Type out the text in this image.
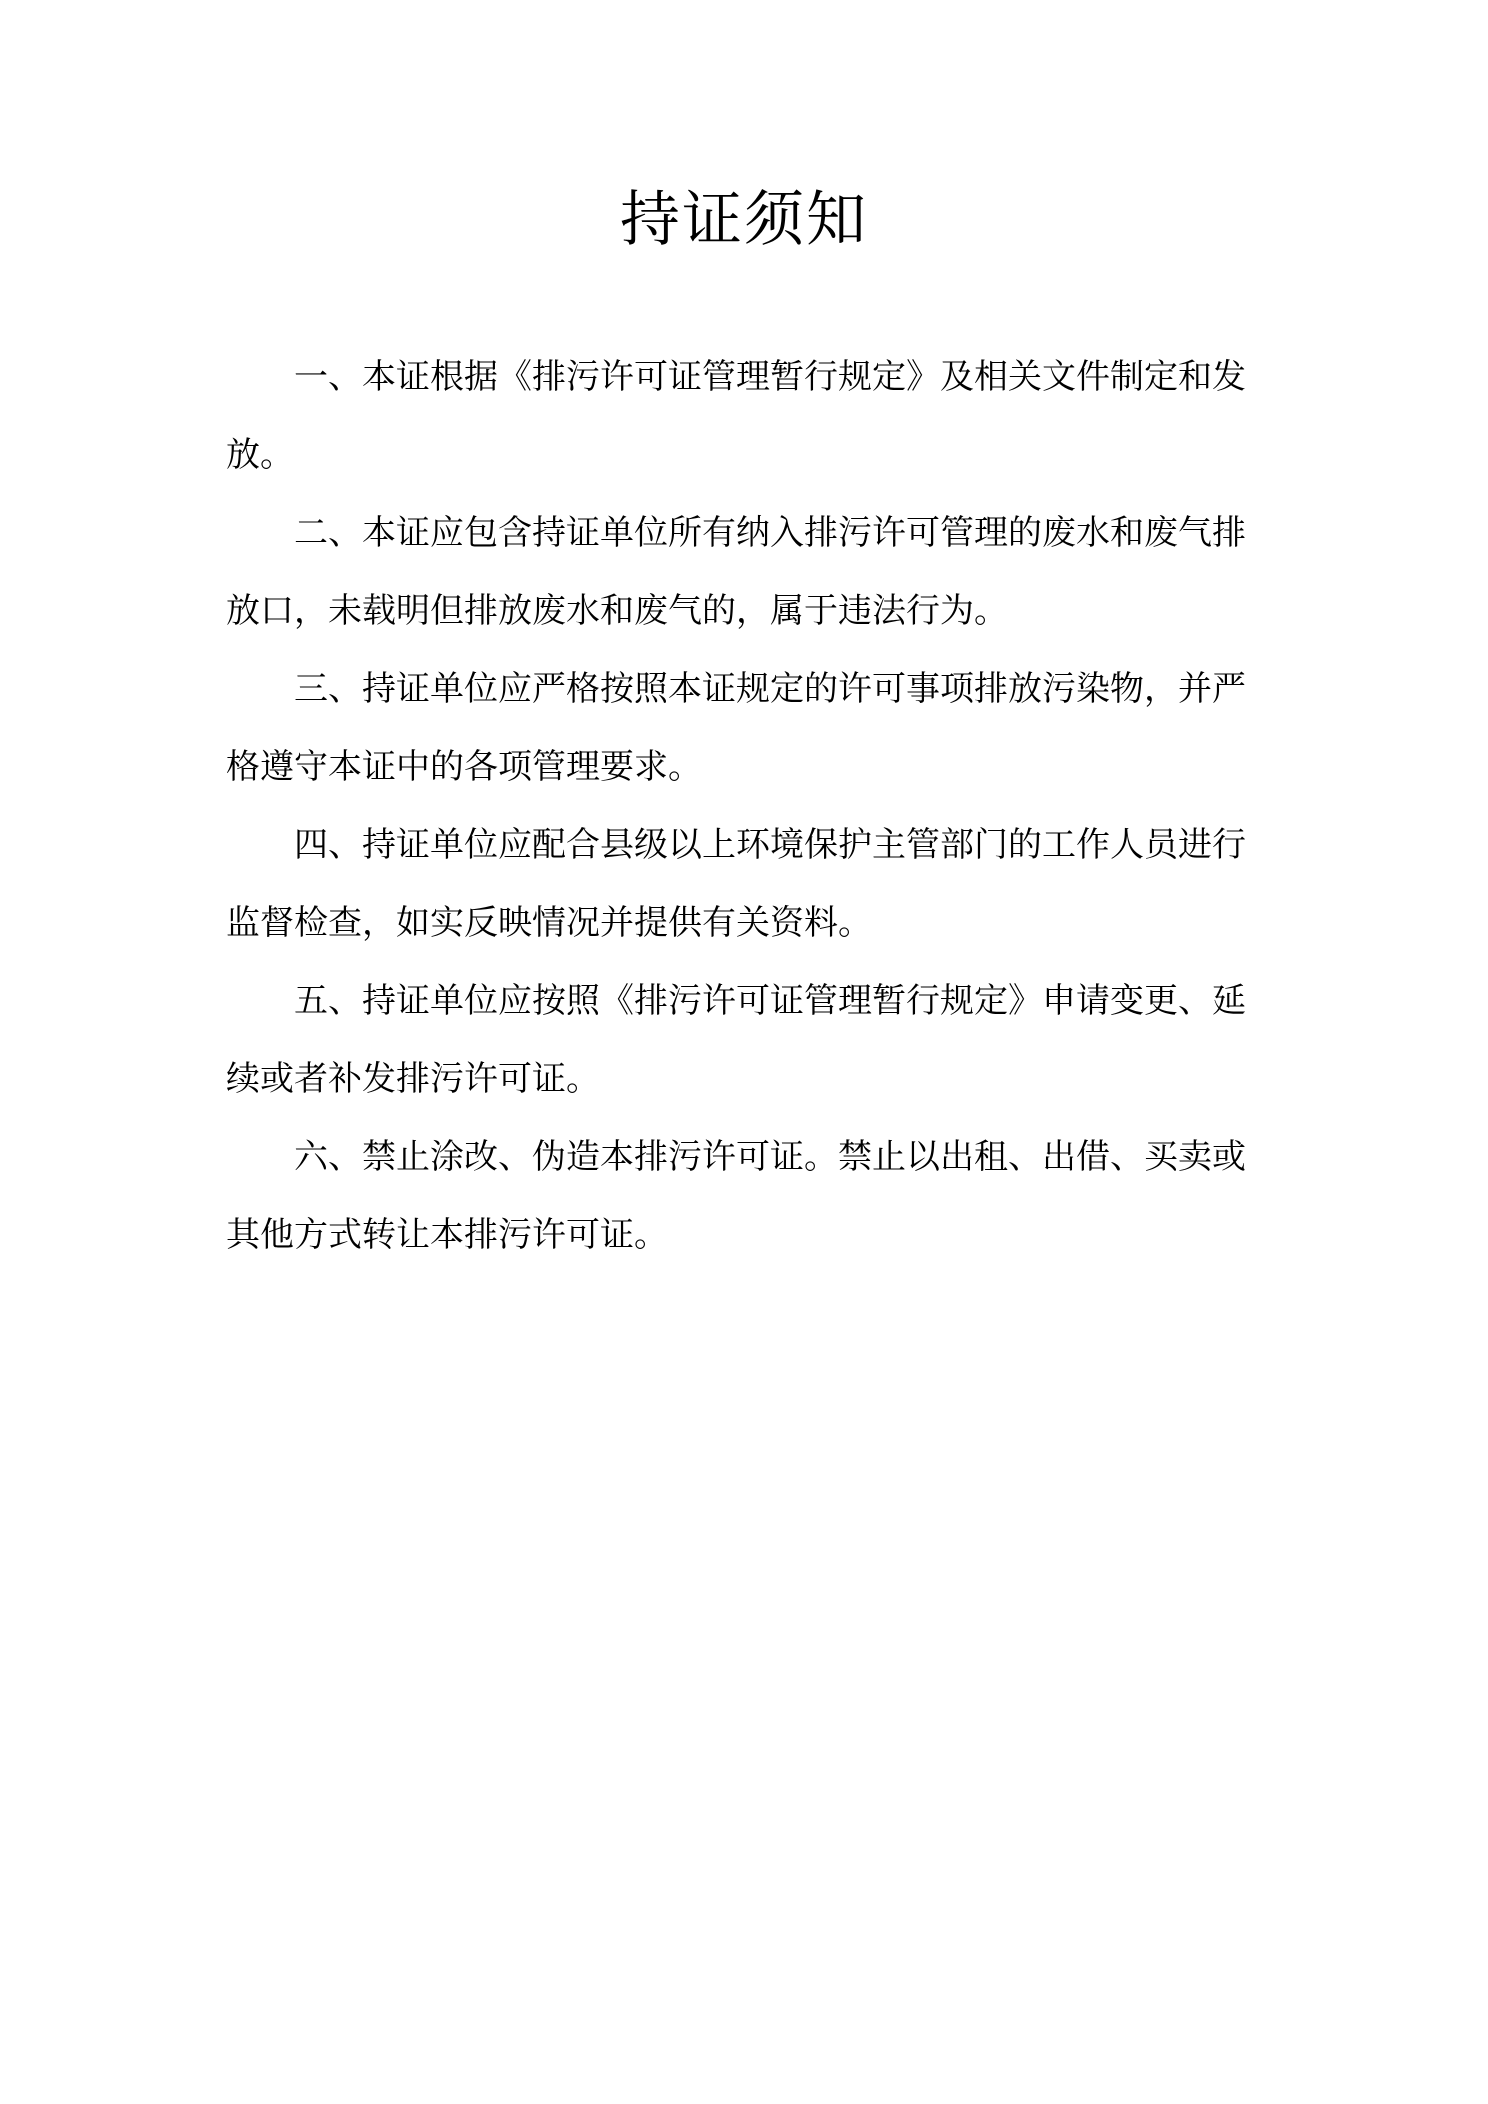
持证须知

一、本证根据《排污许可证管理暂行规定》及相关文件制定和发放。

二、本证应包含持证单位所有纳入排污许可管理的废水和废气排放口，未载明但排放废水和废气的，属于违法行为。

三、持证单位应严格按照本证规定的许可事项排放污染物，并严格遵守本证中的各项管理要求。

四、持证单位应配合县级以上环境保护主管部门的工作人员进行监督检查，如实反映情况并提供有关资料。

五、持证单位应按照《排污许可证管理暂行规定》申请变更、延续或者补发排污许可证。

六、禁止涂改、伪造本排污许可证。禁止以出租、出借、买卖或其他方式转让本排污许可证。
